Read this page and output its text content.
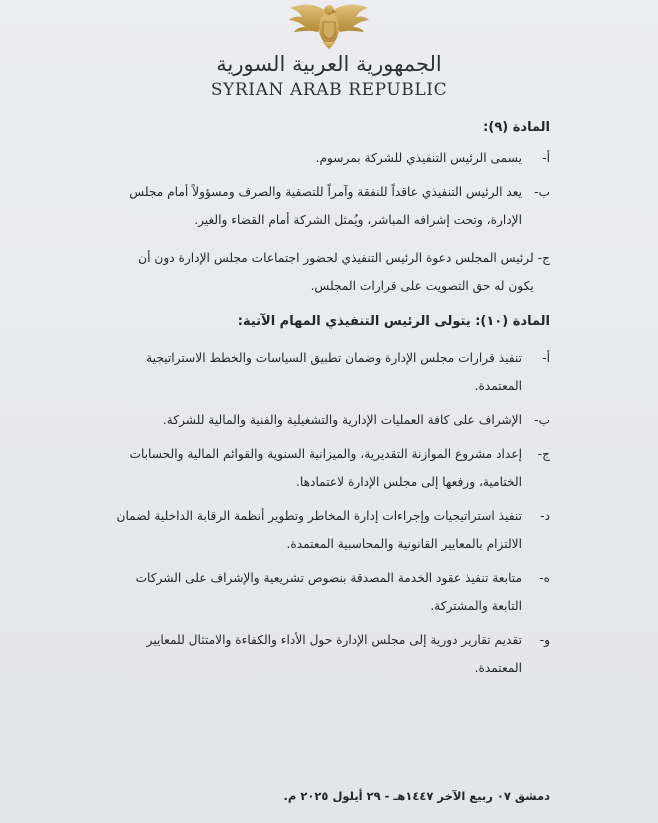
الجمهورية العربية السورية
SYRIAN ARAB REPUBLIC
المادة (٩):
أ-
يسمى الرئيس التنفيذي للشركة بمرسوم.
ب-
يعد الرئيس التنفيذي عاقداً للنفقة وآمراً للتصفية والصرف ومسؤولاً أمام مجلس الإدارة، وتحت إشرافه المباشر، ويُمثل الشركة أمام القضاء والغير.
ج-
لرئيس المجلس دعوة الرئيس التنفيذي لحضور اجتماعات مجلس الإدارة دون أن يكون له حق التصويت على قرارات المجلس.
المادة (١٠): يتولى الرئيس التنفيذي المهام الآتية:
أ-
تنفيذ قرارات مجلس الإدارة وضمان تطبيق السياسات والخطط الاستراتيجية المعتمدة.
ب-
الإشراف على كافة العمليات الإدارية والتشغيلية والفنية والمالية للشركة.
ج-
إعداد مشروع الموازنة التقديرية، والميزانية السنوية والقوائم المالية والحسابات الختامية، ورفعها إلى مجلس الإدارة لاعتمادها.
د-
تنفيذ استراتيجيات وإجراءات إدارة المخاطر وتطوير أنظمة الرقابة الداخلية لضمان الالتزام بالمعايير القانونية والمحاسبية المعتمدة.
ه-
متابعة تنفيذ عقود الخدمة المصدقة بنصوص تشريعية والإشراف على الشركات التابعة والمشتركة.
و-
تقديم تقارير دورية إلى مجلس الإدارة حول الأداء والكفاءة والامتثال للمعايير المعتمدة.
دمشق ٠٧ ربيع الآخر ١٤٤٧هـ - ٢٩ أيلول ٢٠٢٥ م.
